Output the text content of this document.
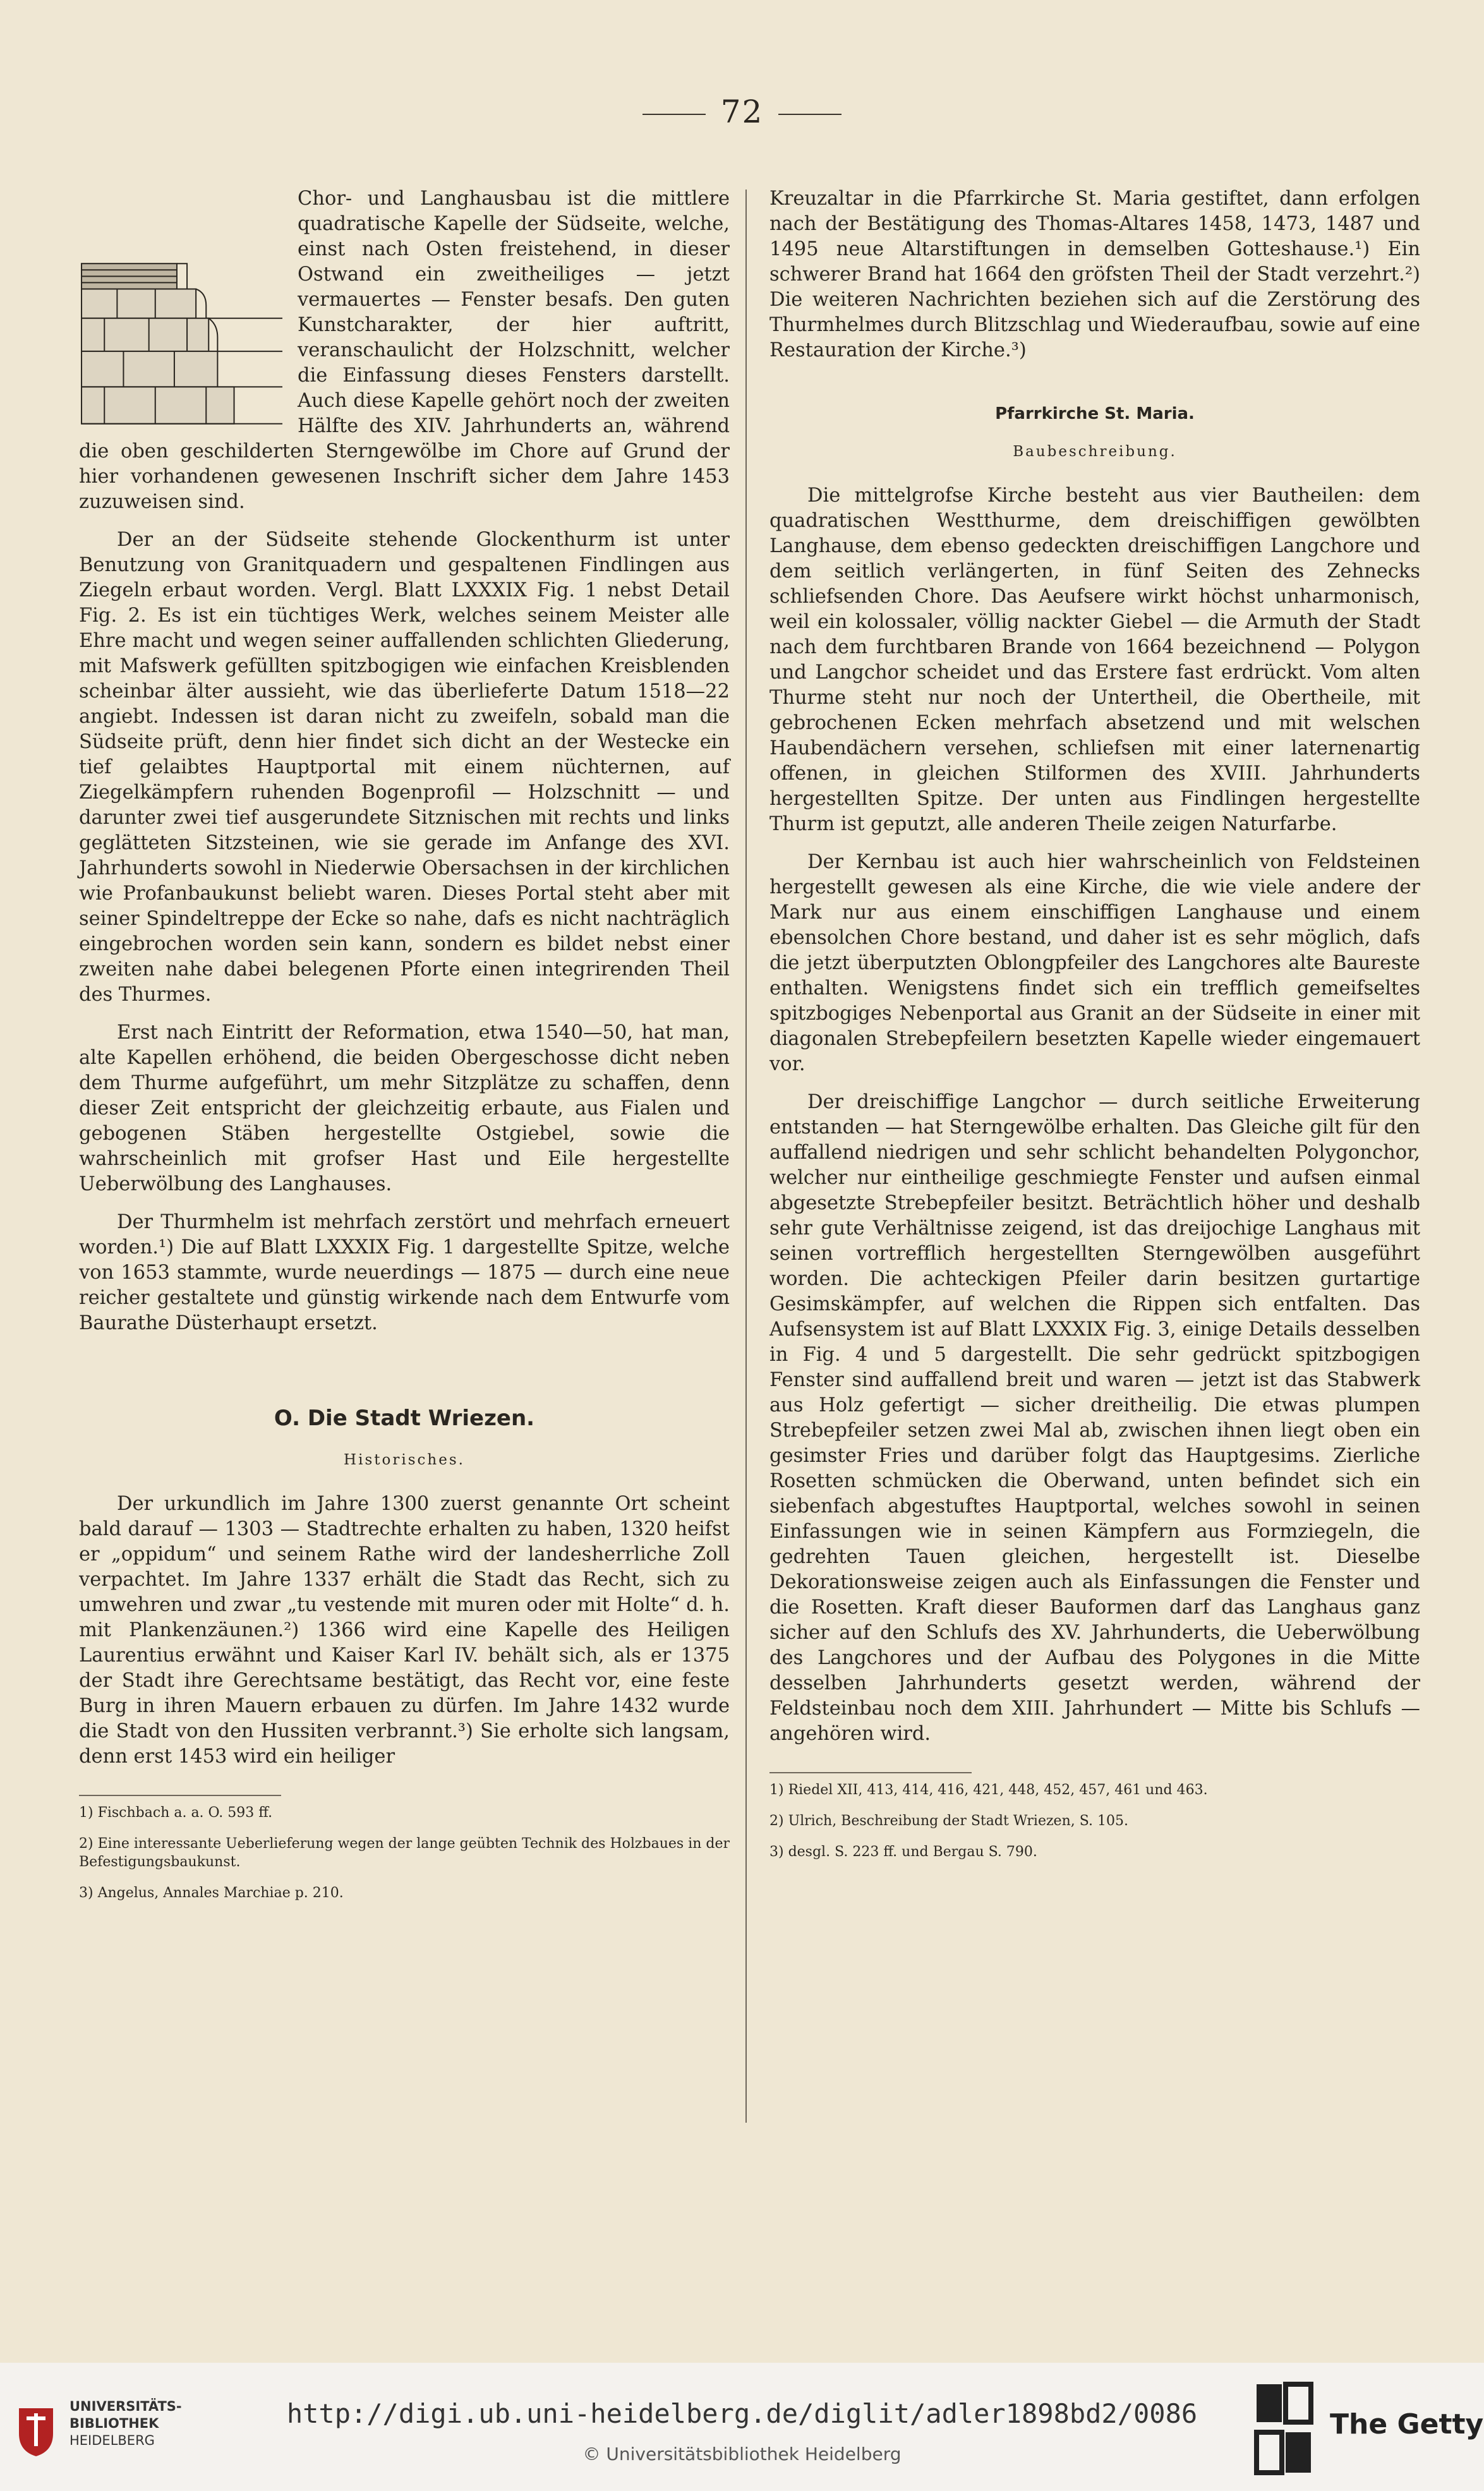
72

Chor- und Langhausbau ist die mittlere quadratische Kapelle der Südseite, welche, einst nach Osten freistehend, in dieser Ostwand ein zweitheiliges — jetzt vermauertes — Fenster besafs. Den guten Kunstcharakter, der hier auftritt, veranschaulicht der Holzschnitt, welcher die Einfassung dieses Fensters darstellt. Auch diese Kapelle gehört noch der zweiten Hälfte des XIV. Jahrhunderts an, während die oben geschilderten Sterngewölbe im Chore auf Grund der hier vorhandenen gewesenen Inschrift sicher dem Jahre 1453 zuzuweisen sind.

Der an der Südseite stehende Glockenthurm ist unter Benutzung von Granitquadern und gespaltenen Findlingen aus Ziegeln erbaut worden. Vergl. Blatt LXXXIX Fig. 1 nebst Detail Fig. 2. Es ist ein tüchtiges Werk, welches seinem Meister alle Ehre macht und wegen seiner auffallenden schlichten Gliederung, mit Mafswerk gefüllten spitzbogigen wie einfachen Kreisblenden scheinbar älter aussieht, wie das überlieferte Datum 1518—22 angiebt. Indessen ist daran nicht zu zweifeln, sobald man die Südseite prüft, denn hier findet sich dicht an der Westecke ein tief gelaibtes Hauptportal mit einem nüchternen, auf Ziegelkämpfern ruhenden Bogenprofil — Holzschnitt — und darunter zwei tief ausgerundete Sitznischen mit rechts und links geglätteten Sitzsteinen, wie sie gerade im Anfange des XVI. Jahrhunderts sowohl in Niederwie Obersachsen in der kirchlichen wie Profanbaukunst beliebt waren. Dieses Portal steht aber mit seiner Spindeltreppe der Ecke so nahe, dafs es nicht nachträglich eingebrochen worden sein kann, sondern es bildet nebst einer zweiten nahe dabei belegenen Pforte einen integrirenden Theil des Thurmes.

Erst nach Eintritt der Reformation, etwa 1540—50, hat man, alte Kapellen erhöhend, die beiden Obergeschosse dicht neben dem Thurme aufgeführt, um mehr Sitzplätze zu schaffen, denn dieser Zeit entspricht der gleichzeitig erbaute, aus Fialen und gebogenen Stäben hergestellte Ostgiebel, sowie die wahrscheinlich mit grofser Hast und Eile hergestellte Ueberwölbung des Langhauses.

Der Thurmhelm ist mehrfach zerstört und mehrfach erneuert worden.¹) Die auf Blatt LXXXIX Fig. 1 dargestellte Spitze, welche von 1653 stammte, wurde neuerdings — 1875 — durch eine neue reicher gestaltete und günstig wirkende nach dem Entwurfe vom Baurathe Düsterhaupt ersetzt.

O. Die Stadt Wriezen.
Historisches.

Der urkundlich im Jahre 1300 zuerst genannte Ort scheint bald darauf — 1303 — Stadtrechte erhalten zu haben, 1320 heifst er „oppidum“ und seinem Rathe wird der landesherrliche Zoll verpachtet. Im Jahre 1337 erhält die Stadt das Recht, sich zu umwehren und zwar „tu vestende mit muren oder mit Holte“ d. h. mit Plankenzäunen.²) 1366 wird eine Kapelle des Heiligen Laurentius erwähnt und Kaiser Karl IV. behält sich, als er 1375 der Stadt ihre Gerechtsame bestätigt, das Recht vor, eine feste Burg in ihren Mauern erbauen zu dürfen. Im Jahre 1432 wurde die Stadt von den Hussiten verbrannt.³) Sie erholte sich langsam, denn erst 1453 wird ein heiliger

1) Fischbach a. a. O. 593 ff.

2) Eine interessante Ueberlieferung wegen der lange geübten Technik des Holzbaues in der Befestigungsbaukunst.

3) Angelus, Annales Marchiae p. 210.

Kreuzaltar in die Pfarrkirche St. Maria gestiftet, dann erfolgen nach der Bestätigung des Thomas-Altares 1458, 1473, 1487 und 1495 neue Altarstiftungen in demselben Gotteshause.¹) Ein schwerer Brand hat 1664 den gröfsten Theil der Stadt verzehrt.²) Die weiteren Nachrichten beziehen sich auf die Zerstörung des Thurmhelmes durch Blitzschlag und Wiederaufbau, sowie auf eine Restauration der Kirche.³)

Pfarrkirche St. Maria.
Baubeschreibung.

Die mittelgrofse Kirche besteht aus vier Bautheilen: dem quadratischen Westthurme, dem dreischiffigen gewölbten Langhause, dem ebenso gedeckten dreischiffigen Langchore und dem seitlich verlängerten, in fünf Seiten des Zehnecks schliefsenden Chore. Das Aeufsere wirkt höchst unharmonisch, weil ein kolossaler, völlig nackter Giebel — die Armuth der Stadt nach dem furchtbaren Brande von 1664 bezeichnend — Polygon und Langchor scheidet und das Erstere fast erdrückt. Vom alten Thurme steht nur noch der Untertheil, die Obertheile, mit gebrochenen Ecken mehrfach absetzend und mit welschen Haubendächern versehen, schliefsen mit einer laternenartig offenen, in gleichen Stilformen des XVIII. Jahrhunderts hergestellten Spitze. Der unten aus Findlingen hergestellte Thurm ist geputzt, alle anderen Theile zeigen Naturfarbe.

Der Kernbau ist auch hier wahrscheinlich von Feldsteinen hergestellt gewesen als eine Kirche, die wie viele andere der Mark nur aus einem einschiffigen Langhause und einem ebensolchen Chore bestand, und daher ist es sehr möglich, dafs die jetzt überputzten Oblongpfeiler des Langchores alte Baureste enthalten. Wenigstens findet sich ein trefflich gemeifseltes spitzbogiges Nebenportal aus Granit an der Südseite in einer mit diagonalen Strebepfeilern besetzten Kapelle wieder eingemauert vor.

Der dreischiffige Langchor — durch seitliche Erweiterung entstanden — hat Sterngewölbe erhalten. Das Gleiche gilt für den auffallend niedrigen und sehr schlicht behandelten Polygonchor, welcher nur eintheilige geschmiegte Fenster und aufsen einmal abgesetzte Strebepfeiler besitzt. Beträchtlich höher und deshalb sehr gute Verhältnisse zeigend, ist das dreijochige Langhaus mit seinen vortrefflich hergestellten Sterngewölben ausgeführt worden. Die achteckigen Pfeiler darin besitzen gurtartige Gesimskämpfer, auf welchen die Rippen sich entfalten. Das Aufsensystem ist auf Blatt LXXXIX Fig. 3, einige Details desselben in Fig. 4 und 5 dargestellt. Die sehr gedrückt spitzbogigen Fenster sind auffallend breit und waren — jetzt ist das Stabwerk aus Holz gefertigt — sicher dreitheilig. Die etwas plumpen Strebepfeiler setzen zwei Mal ab, zwischen ihnen liegt oben ein gesimster Fries und darüber folgt das Hauptgesims. Zierliche Rosetten schmücken die Oberwand, unten befindet sich ein siebenfach abgestuftes Hauptportal, welches sowohl in seinen Einfassungen wie in seinen Kämpfern aus Formziegeln, die gedrehten Tauen gleichen, hergestellt ist. Dieselbe Dekorationsweise zeigen auch als Einfassungen die Fenster und die Rosetten. Kraft dieser Bauformen darf das Langhaus ganz sicher auf den Schlufs des XV. Jahrhunderts, die Ueberwölbung des Langchores und der Aufbau des Polygones in die Mitte desselben Jahrhunderts gesetzt werden, während der Feldsteinbau noch dem XIII. Jahrhundert — Mitte bis Schlufs — angehören wird.

1) Riedel XII, 413, 414, 416, 421, 448, 452, 457, 461 und 463.

2) Ulrich, Beschreibung der Stadt Wriezen, S. 105.

3) desgl. S. 223 ff. und Bergau S. 790.

UNIVERSITÄTS-
BIBLIOTHEK
HEIDELBERG
http://digi.ub.uni-heidelberg.de/diglit/adler1898bd2/0086
© Universitätsbibliothek Heidelberg
The Getty
